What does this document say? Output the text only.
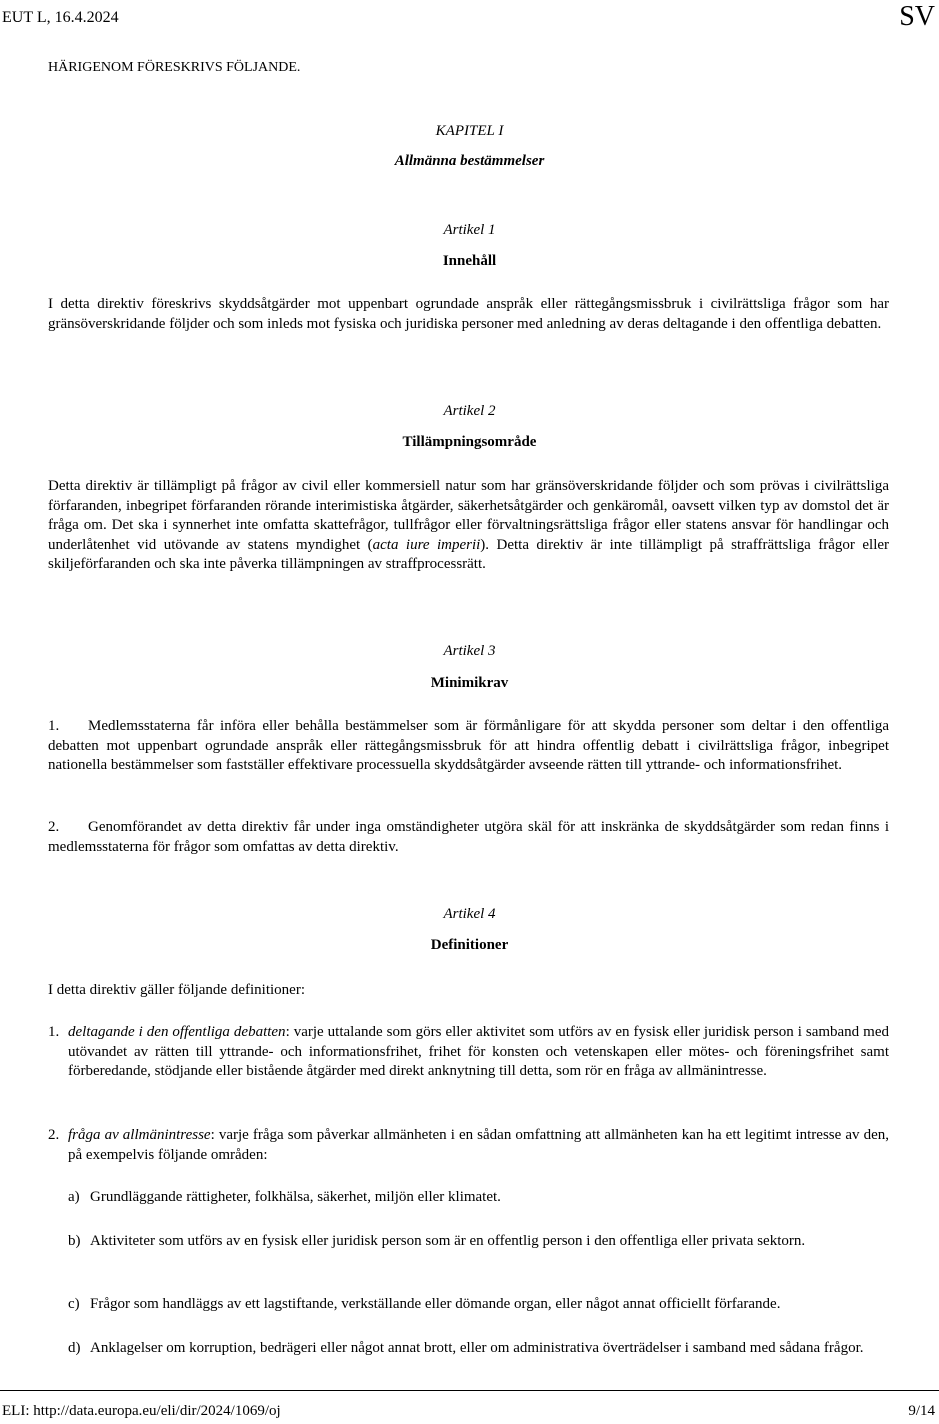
EUT L, 16.4.2024	SV
HÄRIGENOM FÖRESKRIVS FÖLJANDE.
KAPITEL I
Allmänna bestämmelser
Artikel 1
Innehåll
I detta direktiv föreskrivs skyddsåtgärder mot uppenbart ogrundade anspråk eller rättegångsmissbruk i civilrättsliga frågor som har gränsöverskridande följder och som inleds mot fysiska och juridiska personer med anledning av deras deltagande i den offentliga debatten.
Artikel 2
Tillämpningsområde
Detta direktiv är tillämpligt på frågor av civil eller kommersiell natur som har gränsöverskridande följder och som prövas i civilrättsliga förfaranden, inbegripet förfaranden rörande interimistiska åtgärder, säkerhetsåtgärder och genkäromål, oavsett vilken typ av domstol det är fråga om. Det ska i synnerhet inte omfatta skattefrågor, tullfrågor eller förvaltningsrättsliga frågor eller statens ansvar för handlingar och underlåtenhet vid utövande av statens myndighet (acta iure imperii). Detta direktiv är inte tillämpligt på straffrättsliga frågor eller skiljeförfaranden och ska inte påverka tillämpningen av straffprocessrätt.
Artikel 3
Minimikrav
1. Medlemsstaterna får införa eller behålla bestämmelser som är förmånligare för att skydda personer som deltar i den offentliga debatten mot uppenbart ogrundade anspråk eller rättegångsmissbruk för att hindra offentlig debatt i civilrättsliga frågor, inbegripet nationella bestämmelser som fastställer effektivare processuella skyddsåtgärder avseende rätten till yttrande- och informationsfrihet.
2. Genomförandet av detta direktiv får under inga omständigheter utgöra skäl för att inskränka de skyddsåtgärder som redan finns i medlemsstaterna för frågor som omfattas av detta direktiv.
Artikel 4
Definitioner
I detta direktiv gäller följande definitioner:
1. deltagande i den offentliga debatten: varje uttalande som görs eller aktivitet som utförs av en fysisk eller juridisk person i samband med utövandet av rätten till yttrande- och informationsfrihet, frihet för konsten och vetenskapen eller mötes- och föreningsfrihet samt förberedande, stödjande eller bistående åtgärder med direkt anknytning till detta, som rör en fråga av allmänintresse.
2. fråga av allmänintresse: varje fråga som påverkar allmänheten i en sådan omfattning att allmänheten kan ha ett legitimt intresse av den, på exempelvis följande områden:
a) Grundläggande rättigheter, folkhälsa, säkerhet, miljön eller klimatet.
b) Aktiviteter som utförs av en fysisk eller juridisk person som är en offentlig person i den offentliga eller privata sektorn.
c) Frågor som handläggs av ett lagstiftande, verkställande eller dömande organ, eller något annat officiellt förfarande.
d) Anklagelser om korruption, bedrägeri eller något annat brott, eller om administrativa överträdelser i samband med sådana frågor.
ELI: http://data.europa.eu/eli/dir/2024/1069/oj	9/14
